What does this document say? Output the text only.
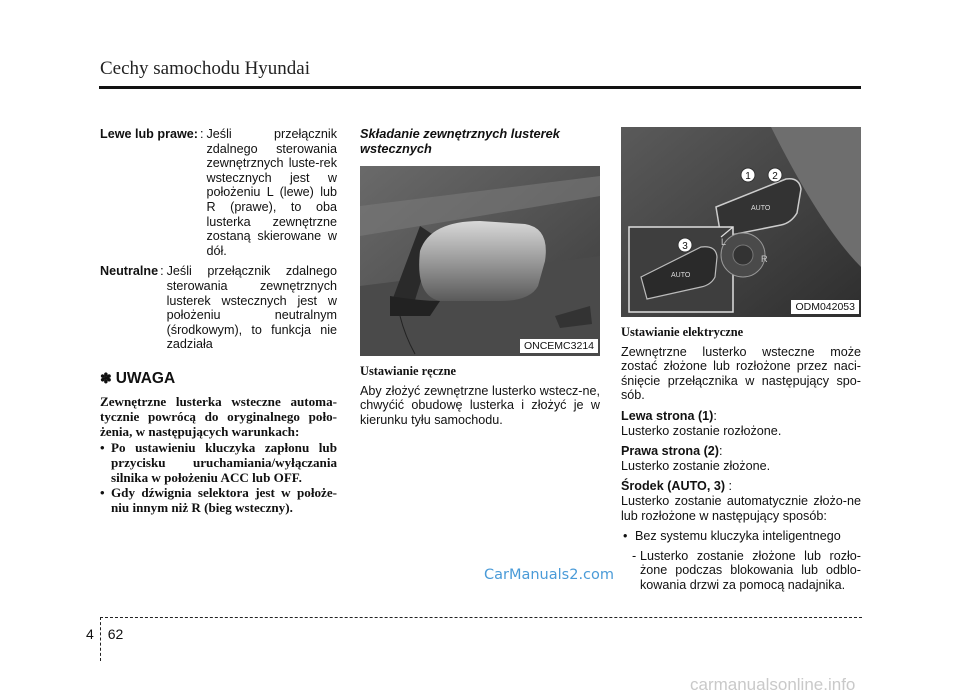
Cechy samochodu Hyundai
Lewe lub prawe: : Jeśli przełącznik zdalnego sterowania zewnętrznych luste-rek wstecznych jest w położeniu L (lewe) lub R (prawe), to oba lusterka zewnętrzne zostaną skierowane w dół.
Neutralne : Jeśli przełącznik zdalnego sterowania zewnętrznych lusterek wstecznych jest w położeniu neutralnym (środkowym), to funkcja nie zadziała
✽ UWAGA
Zewnętrzne lusterka wsteczne automa-tycznie powrócą do oryginalnego poło-żenia, w następujących warunkach:
• Po ustawieniu kluczyka zapłonu lub przycisku uruchamiania/wyłączania silnika w położeniu ACC lub OFF.
• Gdy dźwignia selektora jest w położe-niu innym niż R (bieg wsteczny).
Składanie zewnętrznych lusterek wstecznych
ONCEMC3214
Ustawianie ręczne
Aby złożyć zewnętrzne lusterko wstecz-ne, chwyćić obudowę lusterka i złożyć je w kierunku tyłu samochodu.
1 2
3
AUTO
AUTO
R
L
ODM042053
Ustawianie elektryczne
Zewnętrzne lusterko wsteczne może zostać złożone lub rozłożone przez naci-śnięcie przełącznika w następujący spo-sób.
Lewa strona (1):
Lusterko zostanie rozłożone.
Prawa strona (2):
Lusterko zostanie złożone.
Środek (AUTO, 3) :
Lusterko zostanie automatycznie złożo-ne lub rozłożone w następujący sposób:
• Bez systemu kluczyka inteligentnego
- Lusterko zostanie złożone lub rozło-żone podczas blokowania lub odblo-kowania drzwi za pomocą nadajnika.
CarManuals2.com
4 62
carmanualsonline.info
